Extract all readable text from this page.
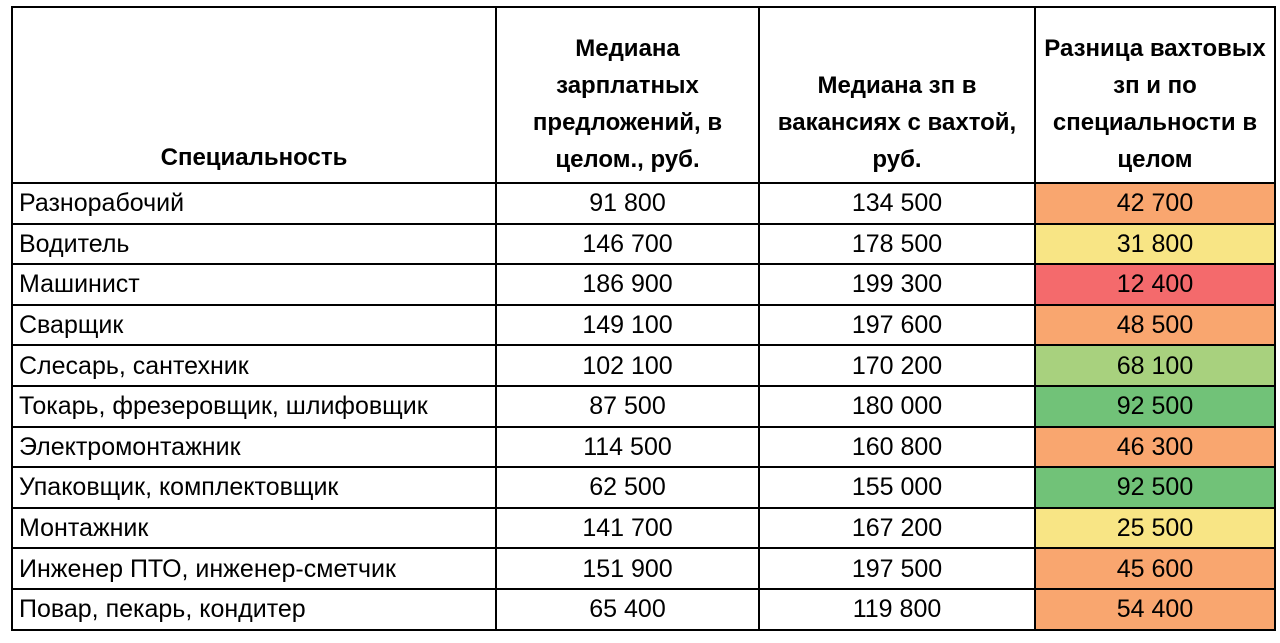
Специальность	Медиана зарплатных предложений, в целом., руб.	Медиана зп в вакансиях с вахтой, руб.	Разница вахтовых зп и по специальности в целом

Разнорабочий	91 800	134 500	42 700
Водитель	146 700	178 500	31 800
Машинист	186 900	199 300	12 400
Сварщик	149 100	197 600	48 500
Слесарь, сантехник	102 100	170 200	68 100
Токарь, фрезеровщик, шлифовщик	87 500	180 000	92 500
Электромонтажник	114 500	160 800	46 300
Упаковщик, комплектовщик	62 500	155 000	92 500
Монтажник	141 700	167 200	25 500
Инженер ПТО, инженер-сметчик	151 900	197 500	45 600
Повар, пекарь, кондитер	65 400	119 800	54 400
